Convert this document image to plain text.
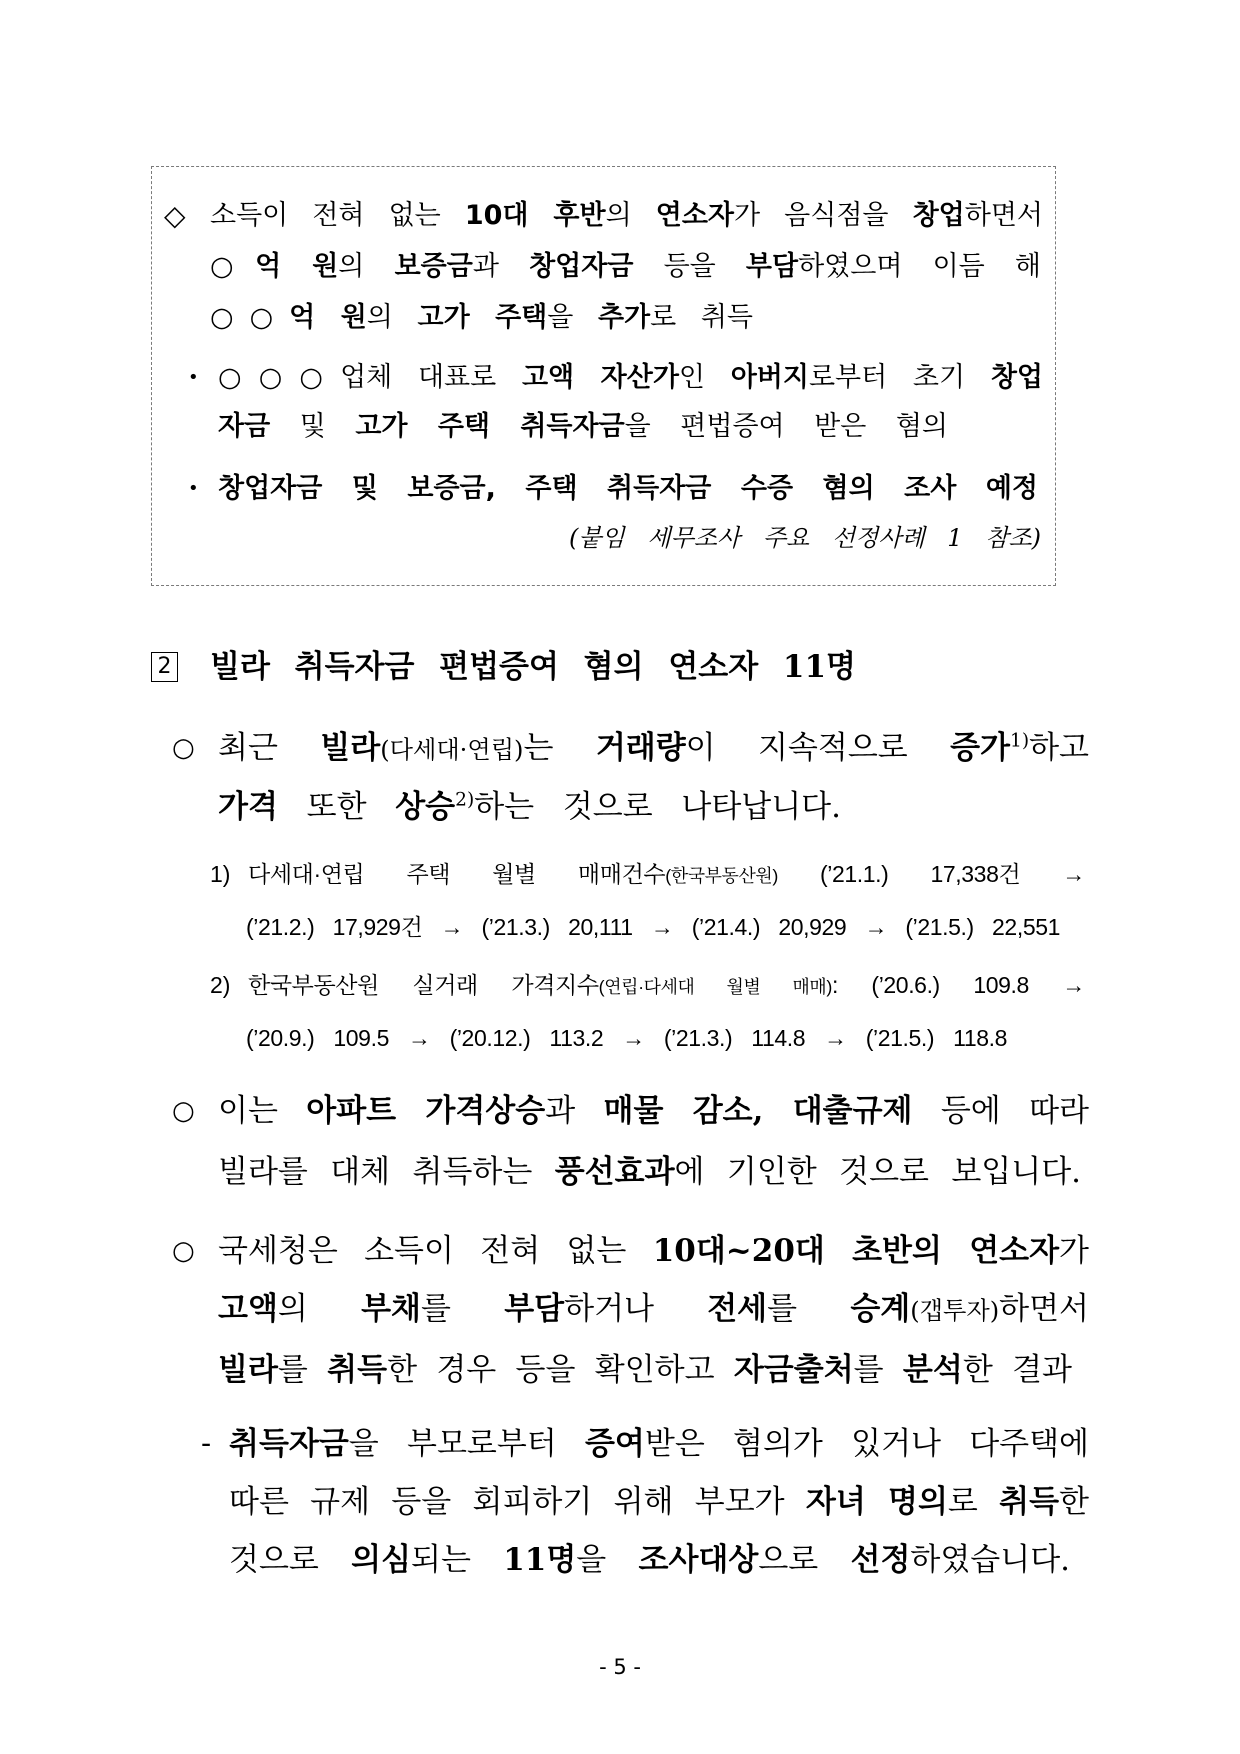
◇ 소득이 전혀 없는 10대 후반의 연소자가 음식점을 창업하면서
○억 원의 보증금과 창업자금 등을 부담하였으며 이듬 해
○○억 원의 고가 주택을 추가로 취득
• ○○○업체 대표로 고액 자산가인 아버지로부터 초기 창업
자금 및 고가 주택 취득자금을 편법증여 받은 혐의
• 창업자금 및 보증금, 주택 취득자금 수증 혐의 조사 예정
(붙임 세무조사 주요 선정사례 1 참조)
2 빌라 취득자금 편법증여 혐의 연소자 11명
○ 최근 빌라(다세대·연립)는 거래량이 지속적으로 증가$^{1)}$하고
가격 또한 상승$^{2)}$하는 것으로 나타납니다.
1) 다세대·연립 주택 월별 매매건수(한국부동산원) (’21.1.) 17,338건 →
(’21.2.) 17,929건 → (’21.3.) 20,111 → (’21.4.) 20,929 → (’21.5.) 22,551
2) 한국부동산원 실거래 가격지수(연립·다세대 월별 매매): (’20.6.) 109.8 →
(’20.9.) 109.5 → (’20.12.) 113.2 → (’21.3.) 114.8 → (’21.5.) 118.8
○ 이는 아파트 가격상승과 매물 감소, 대출규제 등에 따라
빌라를 대체 취득하는 풍선효과에 기인한 것으로 보입니다.
○ 국세청은 소득이 전혀 없는 10대~20대 초반의 연소자가
고액의 부채를 부담하거나 전세를 승계(갭투자)하면서
빌라를 취득한 경우 등을 확인하고 자금출처를 분석한 결과
- 취득자금을 부모로부터 증여받은 혐의가 있거나 다주택에
따른 규제 등을 회피하기 위해 부모가 자녀 명의로 취득한
것으로 의심되는 11명을 조사대상으로 선정하였습니다.
- 5 -
